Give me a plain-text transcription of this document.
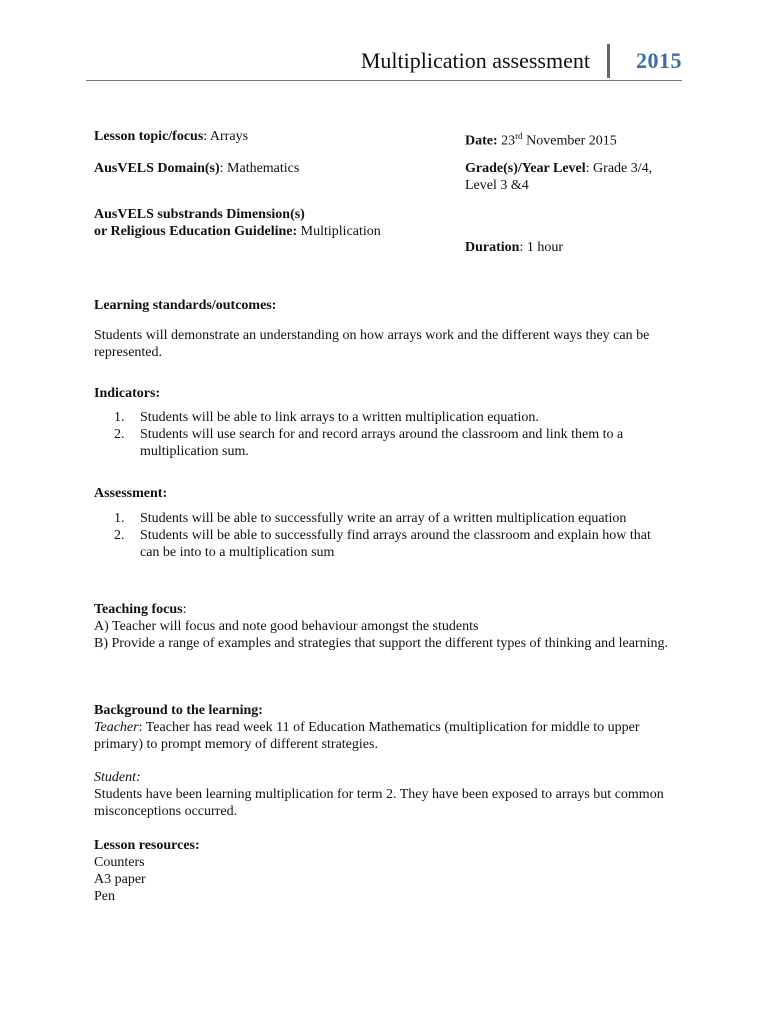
Multiplication assessment 2015
Lesson topic/focus: Arrays	Date: 23rd November 2015
AusVELS Domain(s): Mathematics	Grade(s)/Year Level: Grade 3/4,
Level 3 &4
AusVELS substrands Dimension(s)
or Religious Education Guideline: Multiplication
Duration: 1 hour
Learning standards/outcomes:
Students will demonstrate an understanding on how arrays work and the different ways they can be represented.
Indicators:
1. Students will be able to link arrays to a written multiplication equation.
2. Students will use search for and record arrays around the classroom and link them to a multiplication sum.
Assessment:
1. Students will be able to successfully write an array of a written multiplication equation
2. Students will be able to successfully find arrays around the classroom and explain how that can be into to a multiplication sum
Teaching focus:
A) Teacher will focus and note good behaviour amongst the students
B) Provide a range of examples and strategies that support the different types of thinking and learning.
Background to the learning:
Teacher: Teacher has read week 11 of Education Mathematics (multiplication for middle to upper primary) to prompt memory of different strategies.
Student:
Students have been learning multiplication for term 2. They have been exposed to arrays but common misconceptions occurred.
Lesson resources:
Counters
A3 paper
Pen
